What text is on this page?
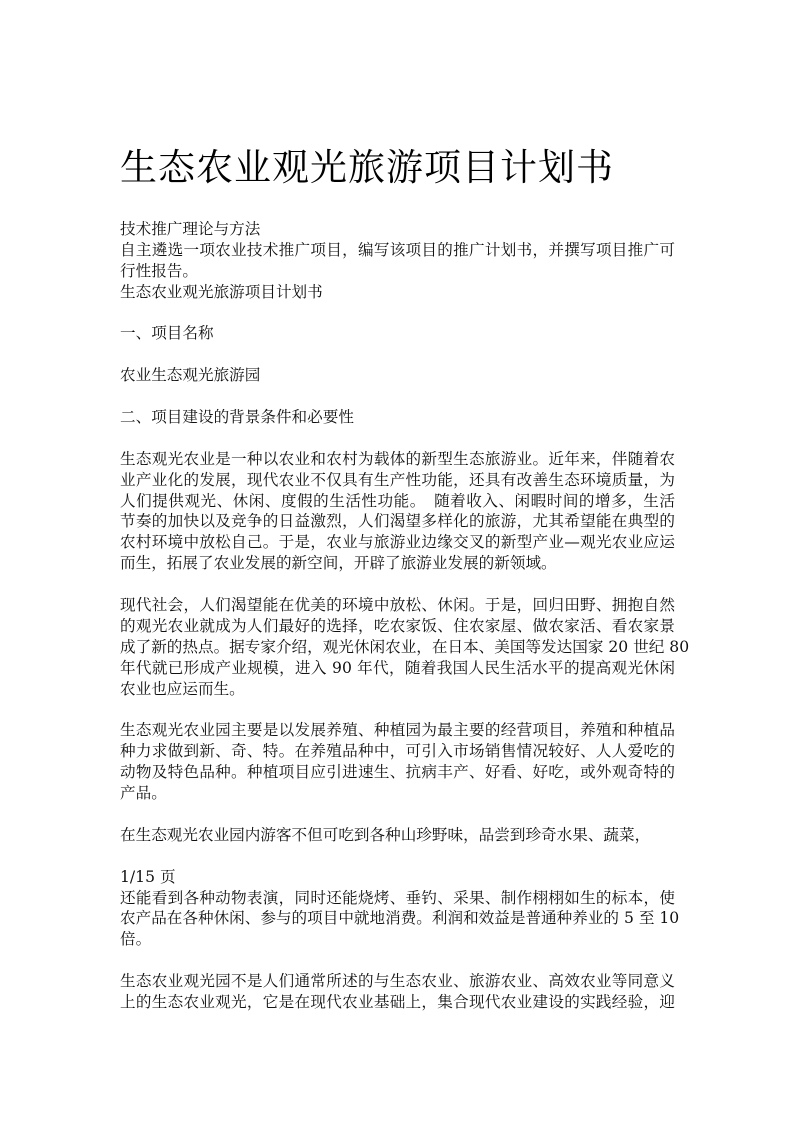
生态农业观光旅游项目计划书
技术推广理论与方法
自主遴选一项农业技术推广项目，编写该项目的推广计划书，并撰写项目推广可
行性报告。
生态农业观光旅游项目计划书
一、项目名称
农业生态观光旅游园
二、项目建设的背景条件和必要性
生态观光农业是一种以农业和农村为载体的新型生态旅游业。近年来，伴随着农
业产业化的发展，现代农业不仅具有生产性功能，还具有改善生态环境质量，为
人们提供观光、休闲、度假的生活性功能。　随着收入、闲暇时间的增多，生活
节奏的加快以及竞争的日益激烈，人们渴望多样化的旅游，尤其希望能在典型的
农村环境中放松自己。于是，农业与旅游业边缘交叉的新型产业—观光农业应运
而生，拓展了农业发展的新空间，开辟了旅游业发展的新领域。
现代社会，人们渴望能在优美的环境中放松、休闲。于是，回归田野、拥抱自然
的观光农业就成为人们最好的选择，吃农家饭、住农家屋、做农家活、看农家景
成了新的热点。据专家介绍，观光休闲农业，在日本、美国等发达国家 20 世纪 80
年代就已形成产业规模，进入 90 年代，随着我国人民生活水平的提高观光休闲
农业也应运而生。
生态观光农业园主要是以发展养殖、种植园为最主要的经营项目，养殖和种植品
种力求做到新、奇、特。在养殖品种中，可引入市场销售情况较好、人人爱吃的
动物及特色品种。种植项目应引进速生、抗病丰产、好看、好吃，或外观奇特的
产品。
在生态观光农业园内游客不但可吃到各种山珍野味，品尝到珍奇水果、蔬菜，
1/15 页
还能看到各种动物表演，同时还能烧烤、垂钓、采果、制作栩栩如生的标本，使
农产品在各种休闲、参与的项目中就地消费。利润和效益是普通种养业的 5 至 10
倍。
生态农业观光园不是人们通常所述的与生态农业、旅游农业、高效农业等同意义
上的生态农业观光，它是在现代农业基础上，集合现代农业建设的实践经验，迎
